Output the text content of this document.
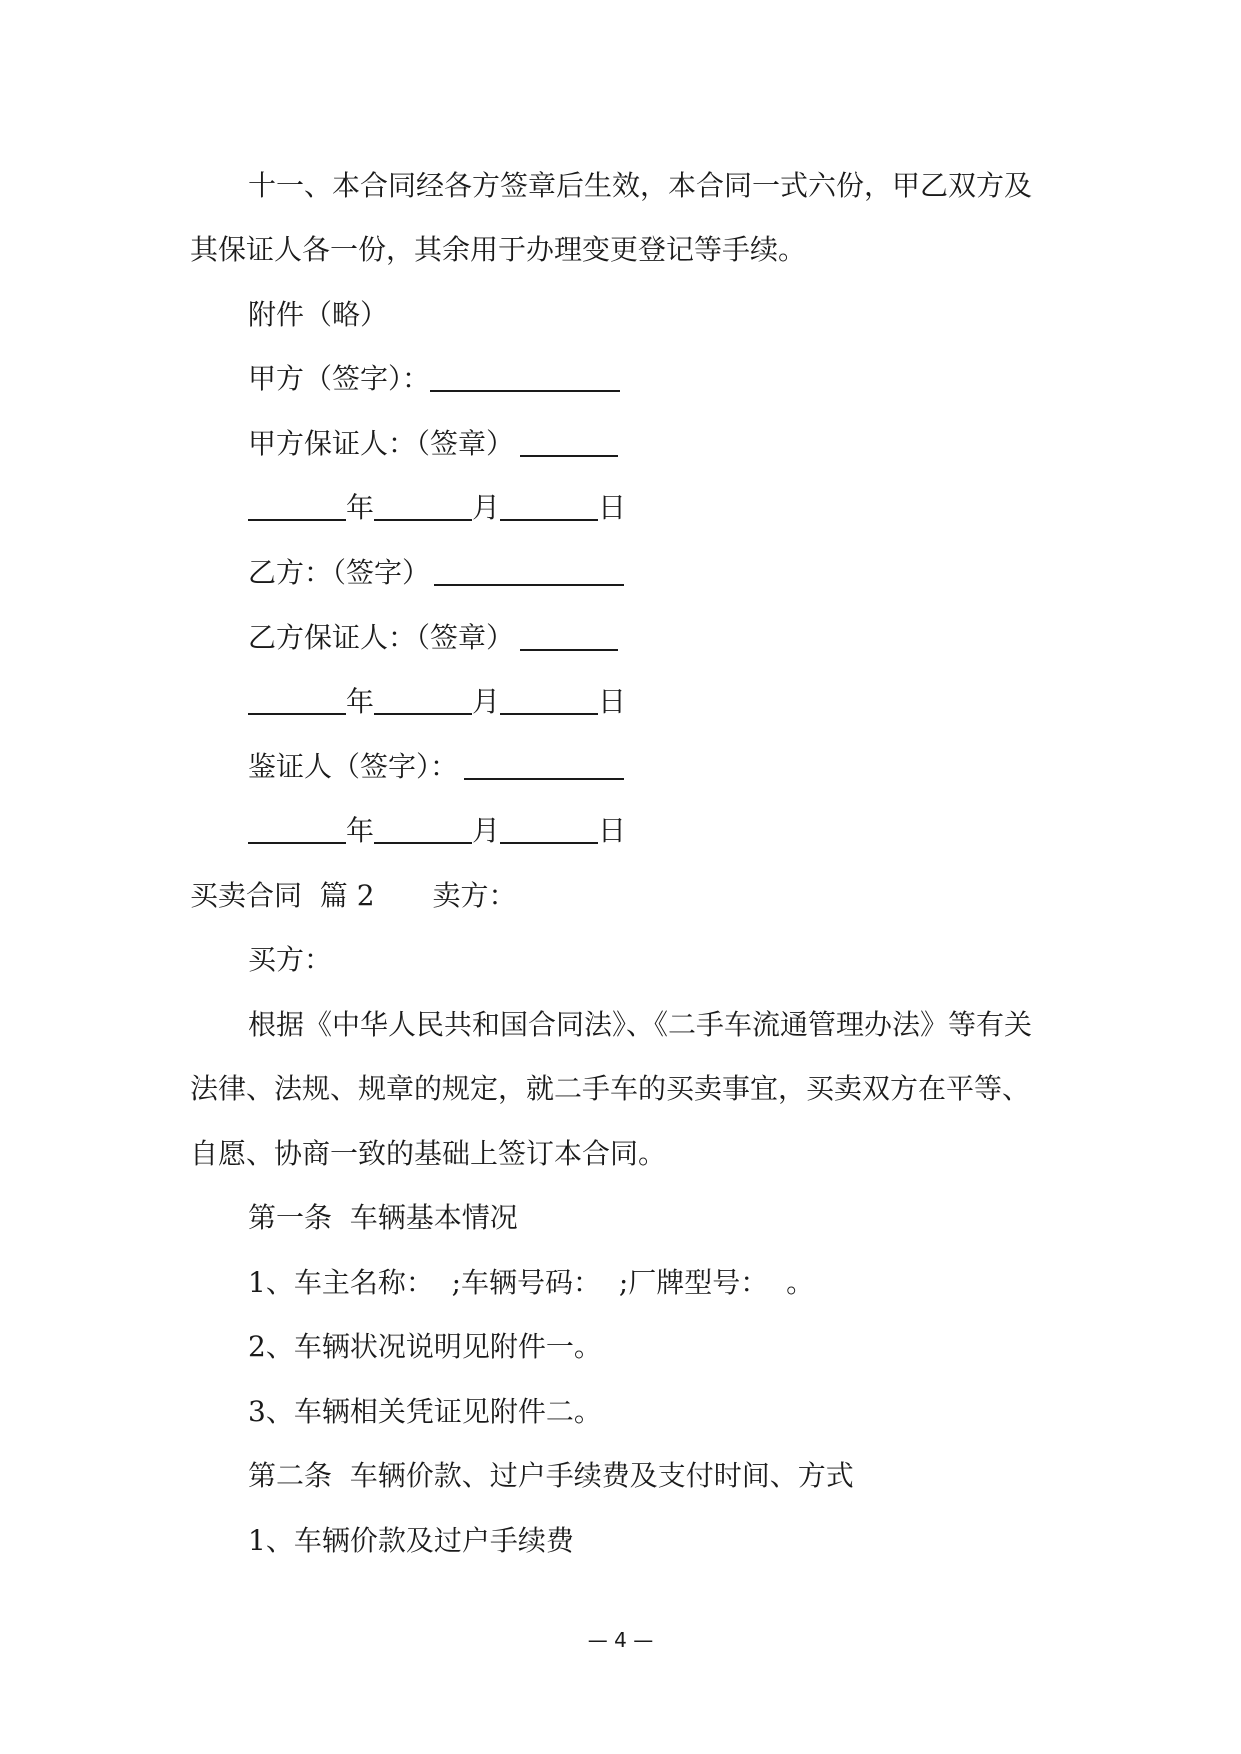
十一、本合同经各方签章后生效，本合同一式六份，甲乙双方及
其保证人各一份，其余用于办理变更登记等手续。
附件（略）
甲方（签字）：
甲方保证人：（签章）
年	月	日
乙方：（签字）
乙方保证人：（签章）
年	月	日
鉴证人（签字）：
年	月	日
买卖合同  篇 2 卖方：
买方：
根据《中华人民共和国合同法》、《二手车流通管理办法》等有关
法律、法规、规章的规定，就二手车的买卖事宜，买卖双方在平等、
自愿、协商一致的基础上签订本合同。
第一条  车辆基本情况
1、车主名称：  ;车辆号码：  ;厂牌型号：  。
2、车辆状况说明见附件一。
3、车辆相关凭证见附件二。
第二条  车辆价款、过户手续费及支付时间、方式
1、车辆价款及过户手续费
— 4 —
